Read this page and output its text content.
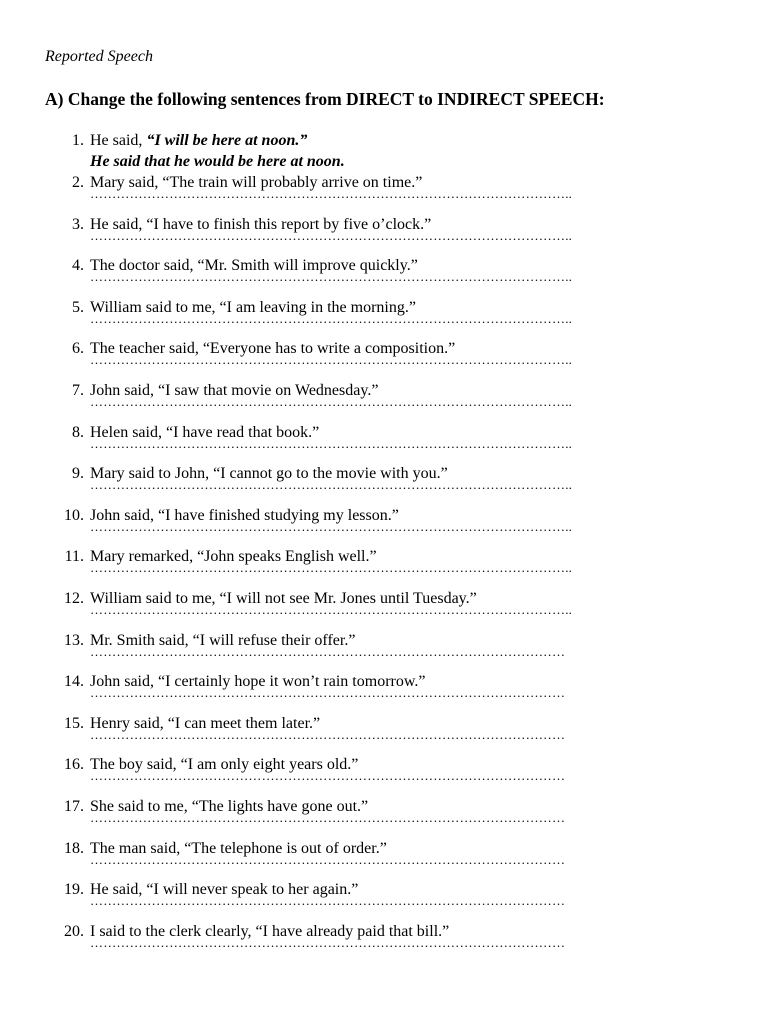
Reported Speech
A) Change the following sentences from DIRECT to INDIRECT SPEECH:
1. He said, “I will be here at noon.”
He said that he would be here at noon.
2. Mary said, “The train will probably arrive on time.”
………………………………………………………………………………………………..
3. He said, “I have to finish this report by five o’clock.”
………………………………………………………………………………………………..
4. The doctor said, “Mr. Smith will improve quickly.”
………………………………………………………………………………………………..
5. William said to me, “I am leaving in the morning.”
………………………………………………………………………………………………..
6. The teacher said, “Everyone has to write a composition.”
………………………………………………………………………………………………..
7. John said, “I saw that movie on Wednesday.”
………………………………………………………………………………………………..
8. Helen said, “I have read that book.”
………………………………………………………………………………………………..
9. Mary said to John, “I cannot go to the movie with you.”
………………………………………………………………………………………………..
10. John said, “I have finished studying my lesson.”
………………………………………………………………………………………………..
11. Mary remarked, “John speaks English well.”
………………………………………………………………………………………………..
12. William said to me, “I will not see Mr. Jones until Tuesday.”
………………………………………………………………………………………………..
13. Mr. Smith said, “I will refuse their offer.”
………………………………………………………………………………………………
14. John said, “I certainly hope it won’t rain tomorrow.”
………………………………………………………………………………………………
15. Henry said, “I can meet them later.”
………………………………………………………………………………………………
16. The boy said, “I am only eight years old.”
………………………………………………………………………………………………
17. She said to me, “The lights have gone out.”
………………………………………………………………………………………………
18. The man said, “The telephone is out of order.”
………………………………………………………………………………………………
19. He said, “I will never speak to her again.”
………………………………………………………………………………………………
20. I said to the clerk clearly, “I have already paid that bill.”
………………………………………………………………………………………………
